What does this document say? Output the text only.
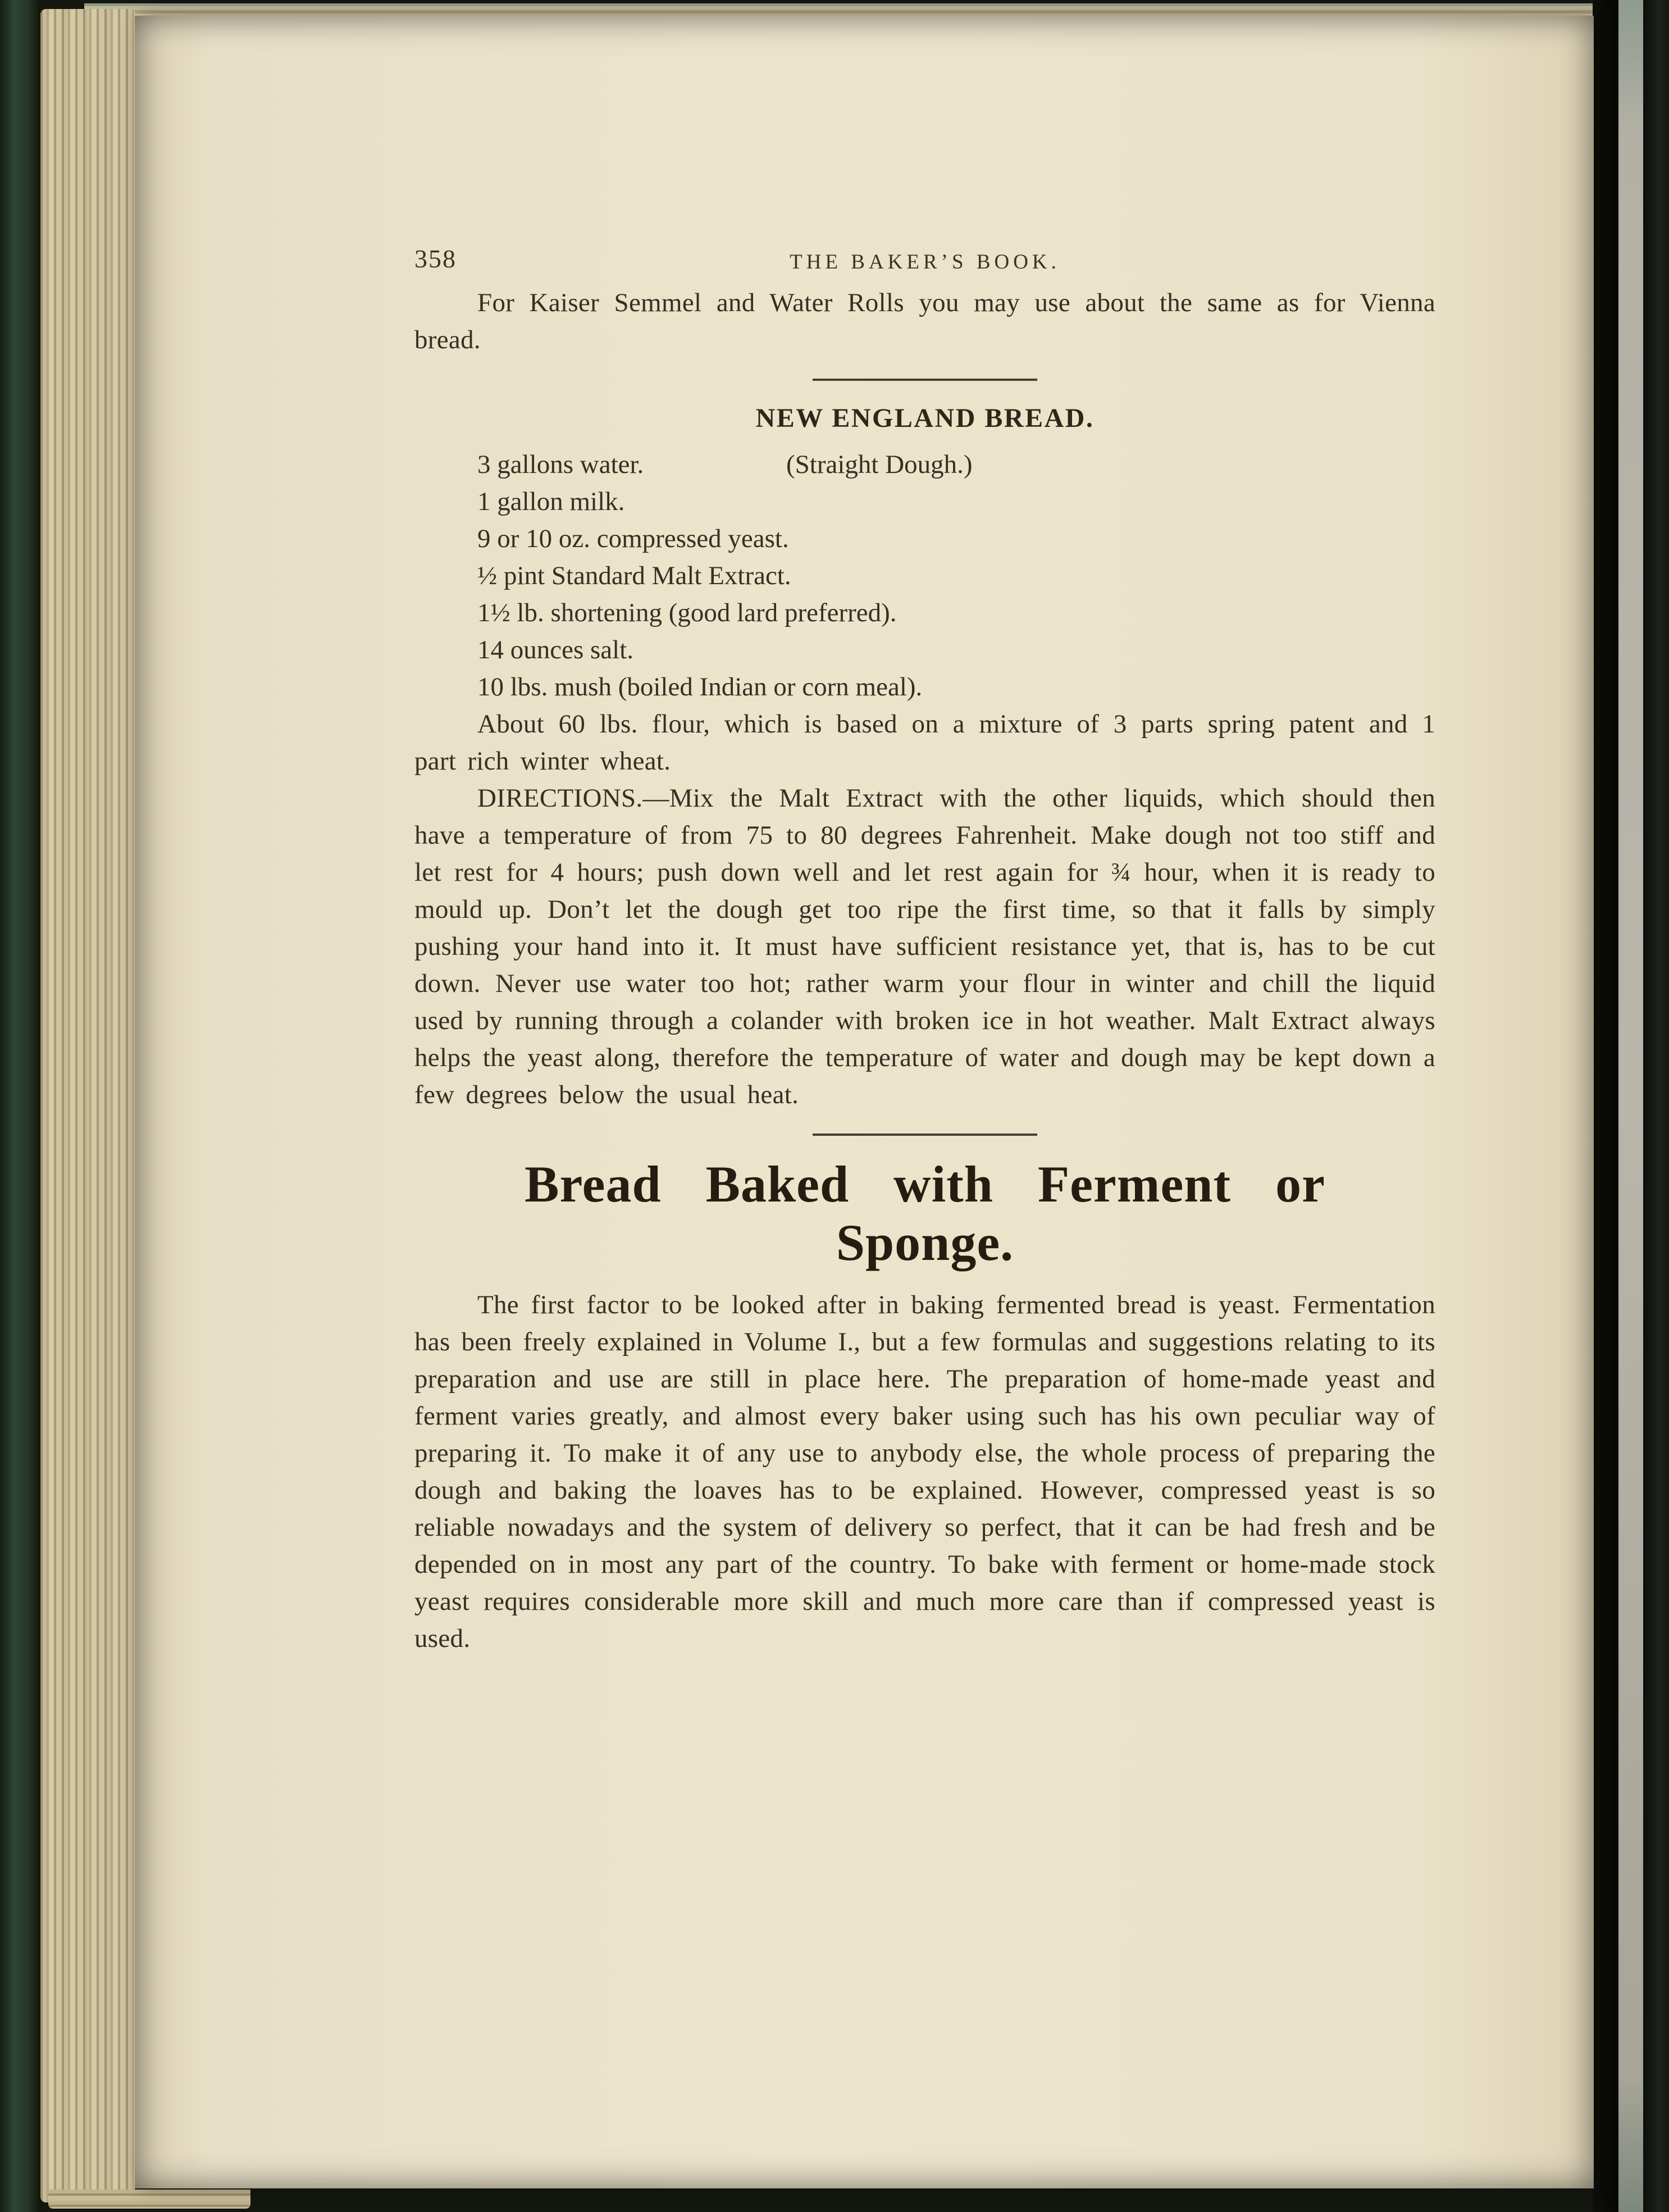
358	THE BAKER’S BOOK.

For Kaiser Semmel and Water Rolls you may use about the same as for Vienna bread.

NEW ENGLAND BREAD.
3 gallons water.	(Straight Dough.)
1 gallon milk.
9 or 10 oz. compressed yeast.
½ pint Standard Malt Extract.
1½ lb. shortening (good lard preferred).
14 ounces salt.
10 lbs. mush (boiled Indian or corn meal).

About 60 lbs. flour, which is based on a mixture of 3 parts spring patent and 1 part rich winter wheat.

DIRECTIONS.—Mix the Malt Extract with the other liquids, which should then have a temperature of from 75 to 80 degrees Fahrenheit. Make dough not too stiff and let rest for 4 hours; push down well and let rest again for ¾ hour, when it is ready to mould up. Don’t let the dough get too ripe the first time, so that it falls by simply pushing your hand into it. It must have sufficient resistance yet, that is, has to be cut down. Never use water too hot; rather warm your flour in winter and chill the liquid used by running through a colander with broken ice in hot weather. Malt Extract always helps the yeast along, therefore the temperature of water and dough may be kept down a few degrees below the usual heat.

Bread Baked with Ferment or
Sponge.

The first factor to be looked after in baking fermented bread is yeast. Fermentation has been freely explained in Volume I., but a few formulas and suggestions relating to its preparation and use are still in place here. The preparation of home-made yeast and ferment varies greatly, and almost every baker using such has his own peculiar way of preparing it. To make it of any use to anybody else, the whole process of preparing the dough and baking the loaves has to be explained. However, compressed yeast is so reliable nowadays and the system of delivery so perfect, that it can be had fresh and be depended on in most any part of the country. To bake with ferment or home-made stock yeast requires considerable more skill and much more care than if compressed yeast is used.
